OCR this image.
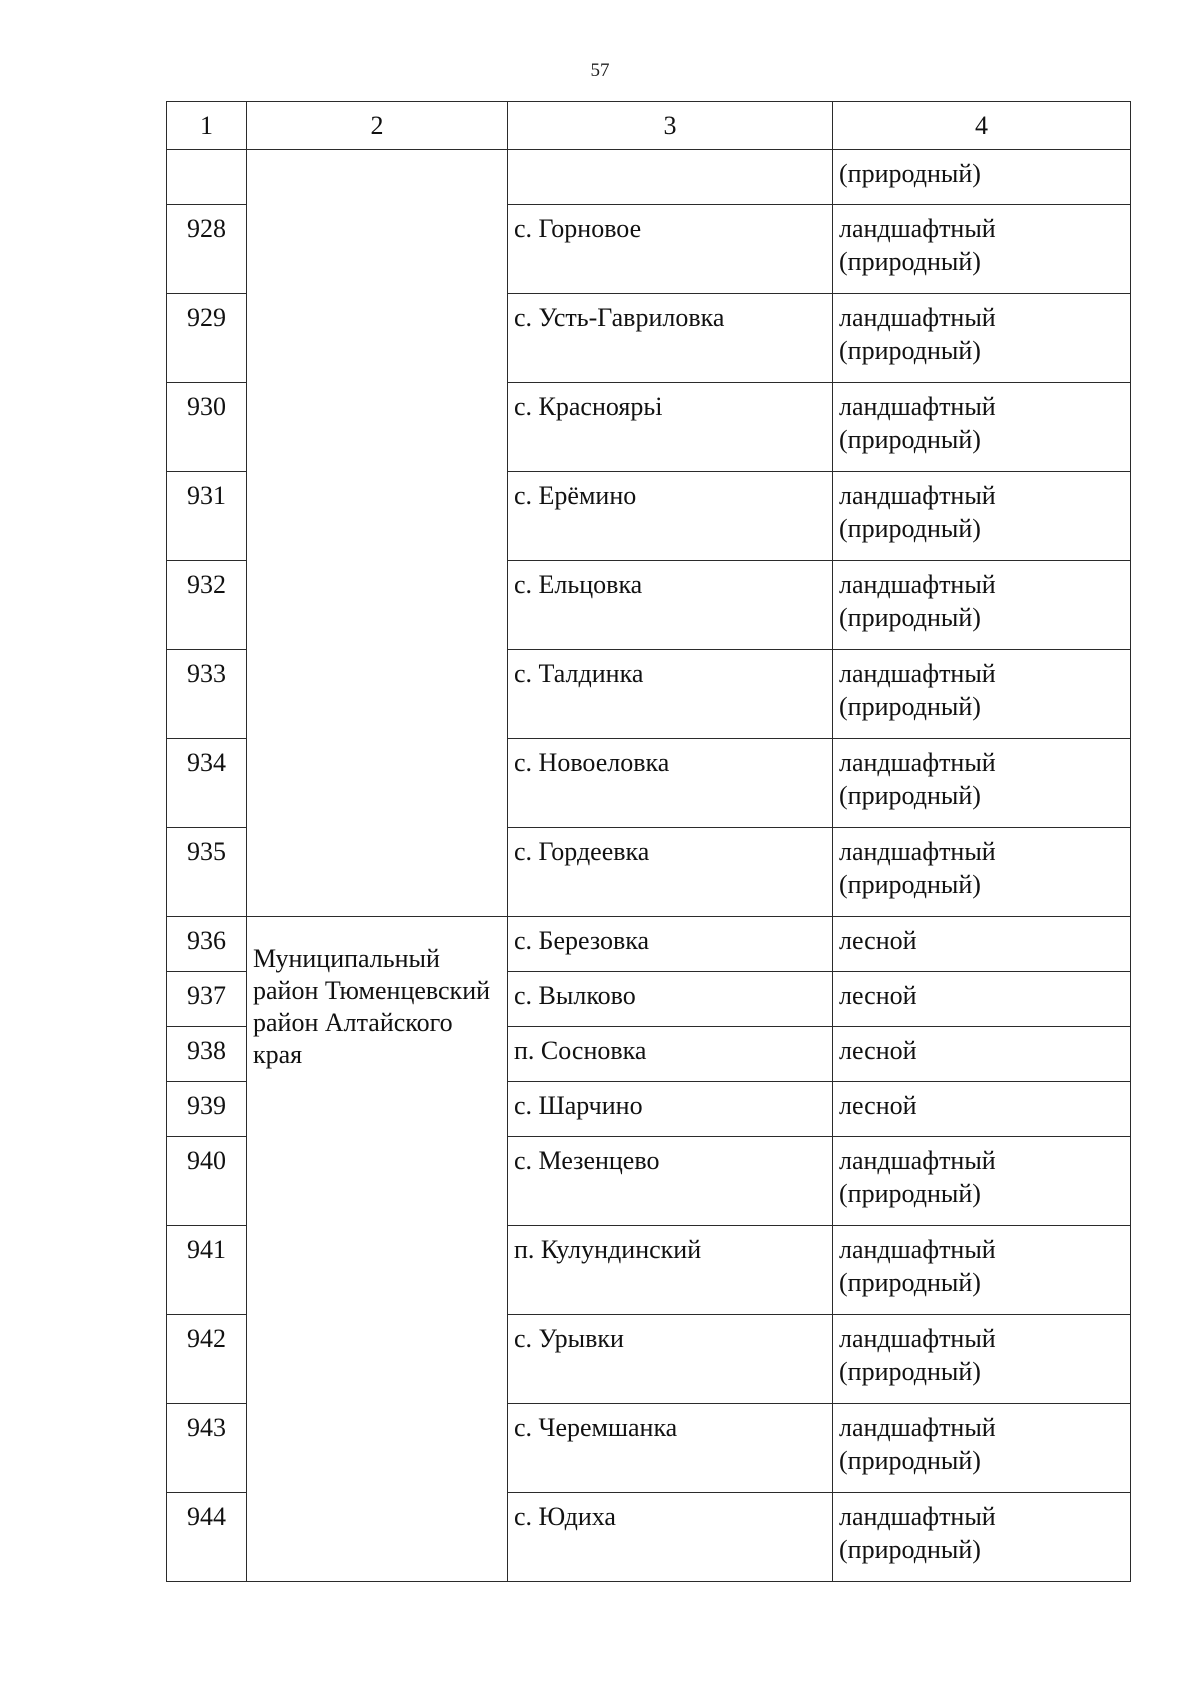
57
1	2	3	4
			(природный)
928		с. Горновое	ландшафтный (природный)
929		с. Усть-Гавриловка	ландшафтный (природный)
930		с. Красноярьі	ландшафтный (природный)
931		с. Ерёмино	ландшафтный (природный)
932		с. Ельцовка	ландшафтный (природный)
933		с. Талдинка	ландшафтный (природный)
934		с. Новоеловка	ландшафтный (природный)
935		с. Гордеевка	ландшафтный (природный)
936	Муниципальный район Тюменцевский район Алтайского края	с. Березовка	лесной
937		с. Вылково	лесной
938		п. Сосновка	лесной
939		с. Шарчино	лесной
940		с. Мезенцево	ландшафтный (природный)
941		п. Кулундинский	ландшафтный (природный)
942		с. Урывки	ландшафтный (природный)
943		с. Черемшанка	ландшафтный (природный)
944		с. Юдиха	ландшафтный (природный)
